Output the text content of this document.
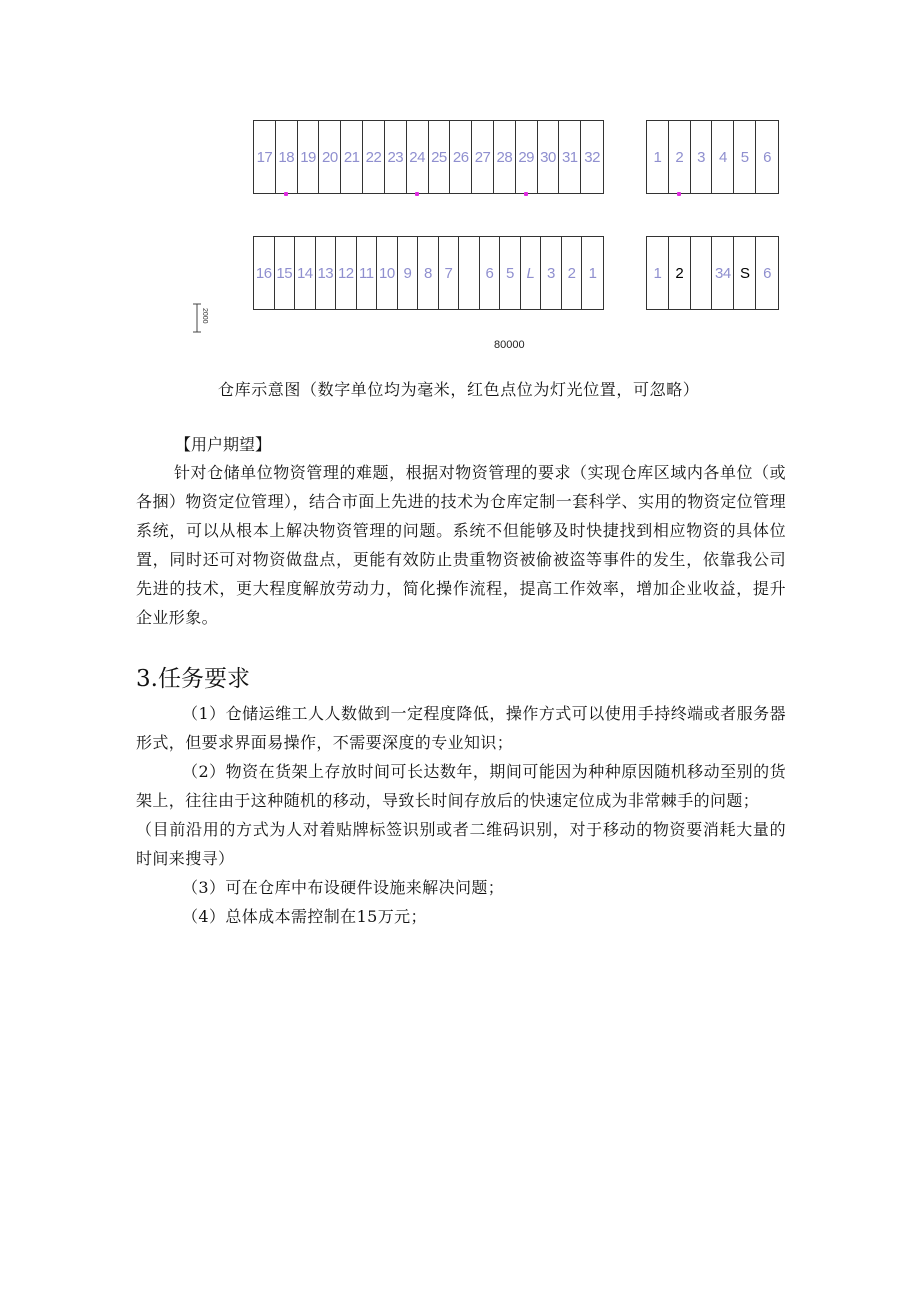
17 18 19 20 21 22 23 24 25 26 27 28 29 30 31 32	1 2 3 4 5 6
16 15 14 13 12 11 10 9 8 7 6 5 L 3 2 1	1 2 34 S 6
2000
80000
仓库示意图（数字单位均为毫米，红色点位为灯光位置，可忽略）
【用户期望】
针对仓储单位物资管理的难题，根据对物资管理的要求（实现仓库区域内各单位（或各捆）物资定位管理），结合市面上先进的技术为仓库定制一套科学、实用的物资定位管理系统，可以从根本上解决物资管理的问题。系统不但能够及时快捷找到相应物资的具体位置，同时还可对物资做盘点，更能有效防止贵重物资被偷被盗等事件的发生，依靠我公司先进的技术，更大程度解放劳动力，简化操作流程，提高工作效率，增加企业收益，提升企业形象。
3.任务要求
（1）仓储运维工人人数做到一定程度降低，操作方式可以使用手持终端或者服务器形式，但要求界面易操作，不需要深度的专业知识；
（2）物资在货架上存放时间可长达数年，期间可能因为种种原因随机移动至别的货架上，往往由于这种随机的移动，导致长时间存放后的快速定位成为非常棘手的问题；
（目前沿用的方式为人对着贴牌标签识别或者二维码识别，对于移动的物资要消耗大量的时间来搜寻）
（3）可在仓库中布设硬件设施来解决问题；
（4）总体成本需控制在15万元；
